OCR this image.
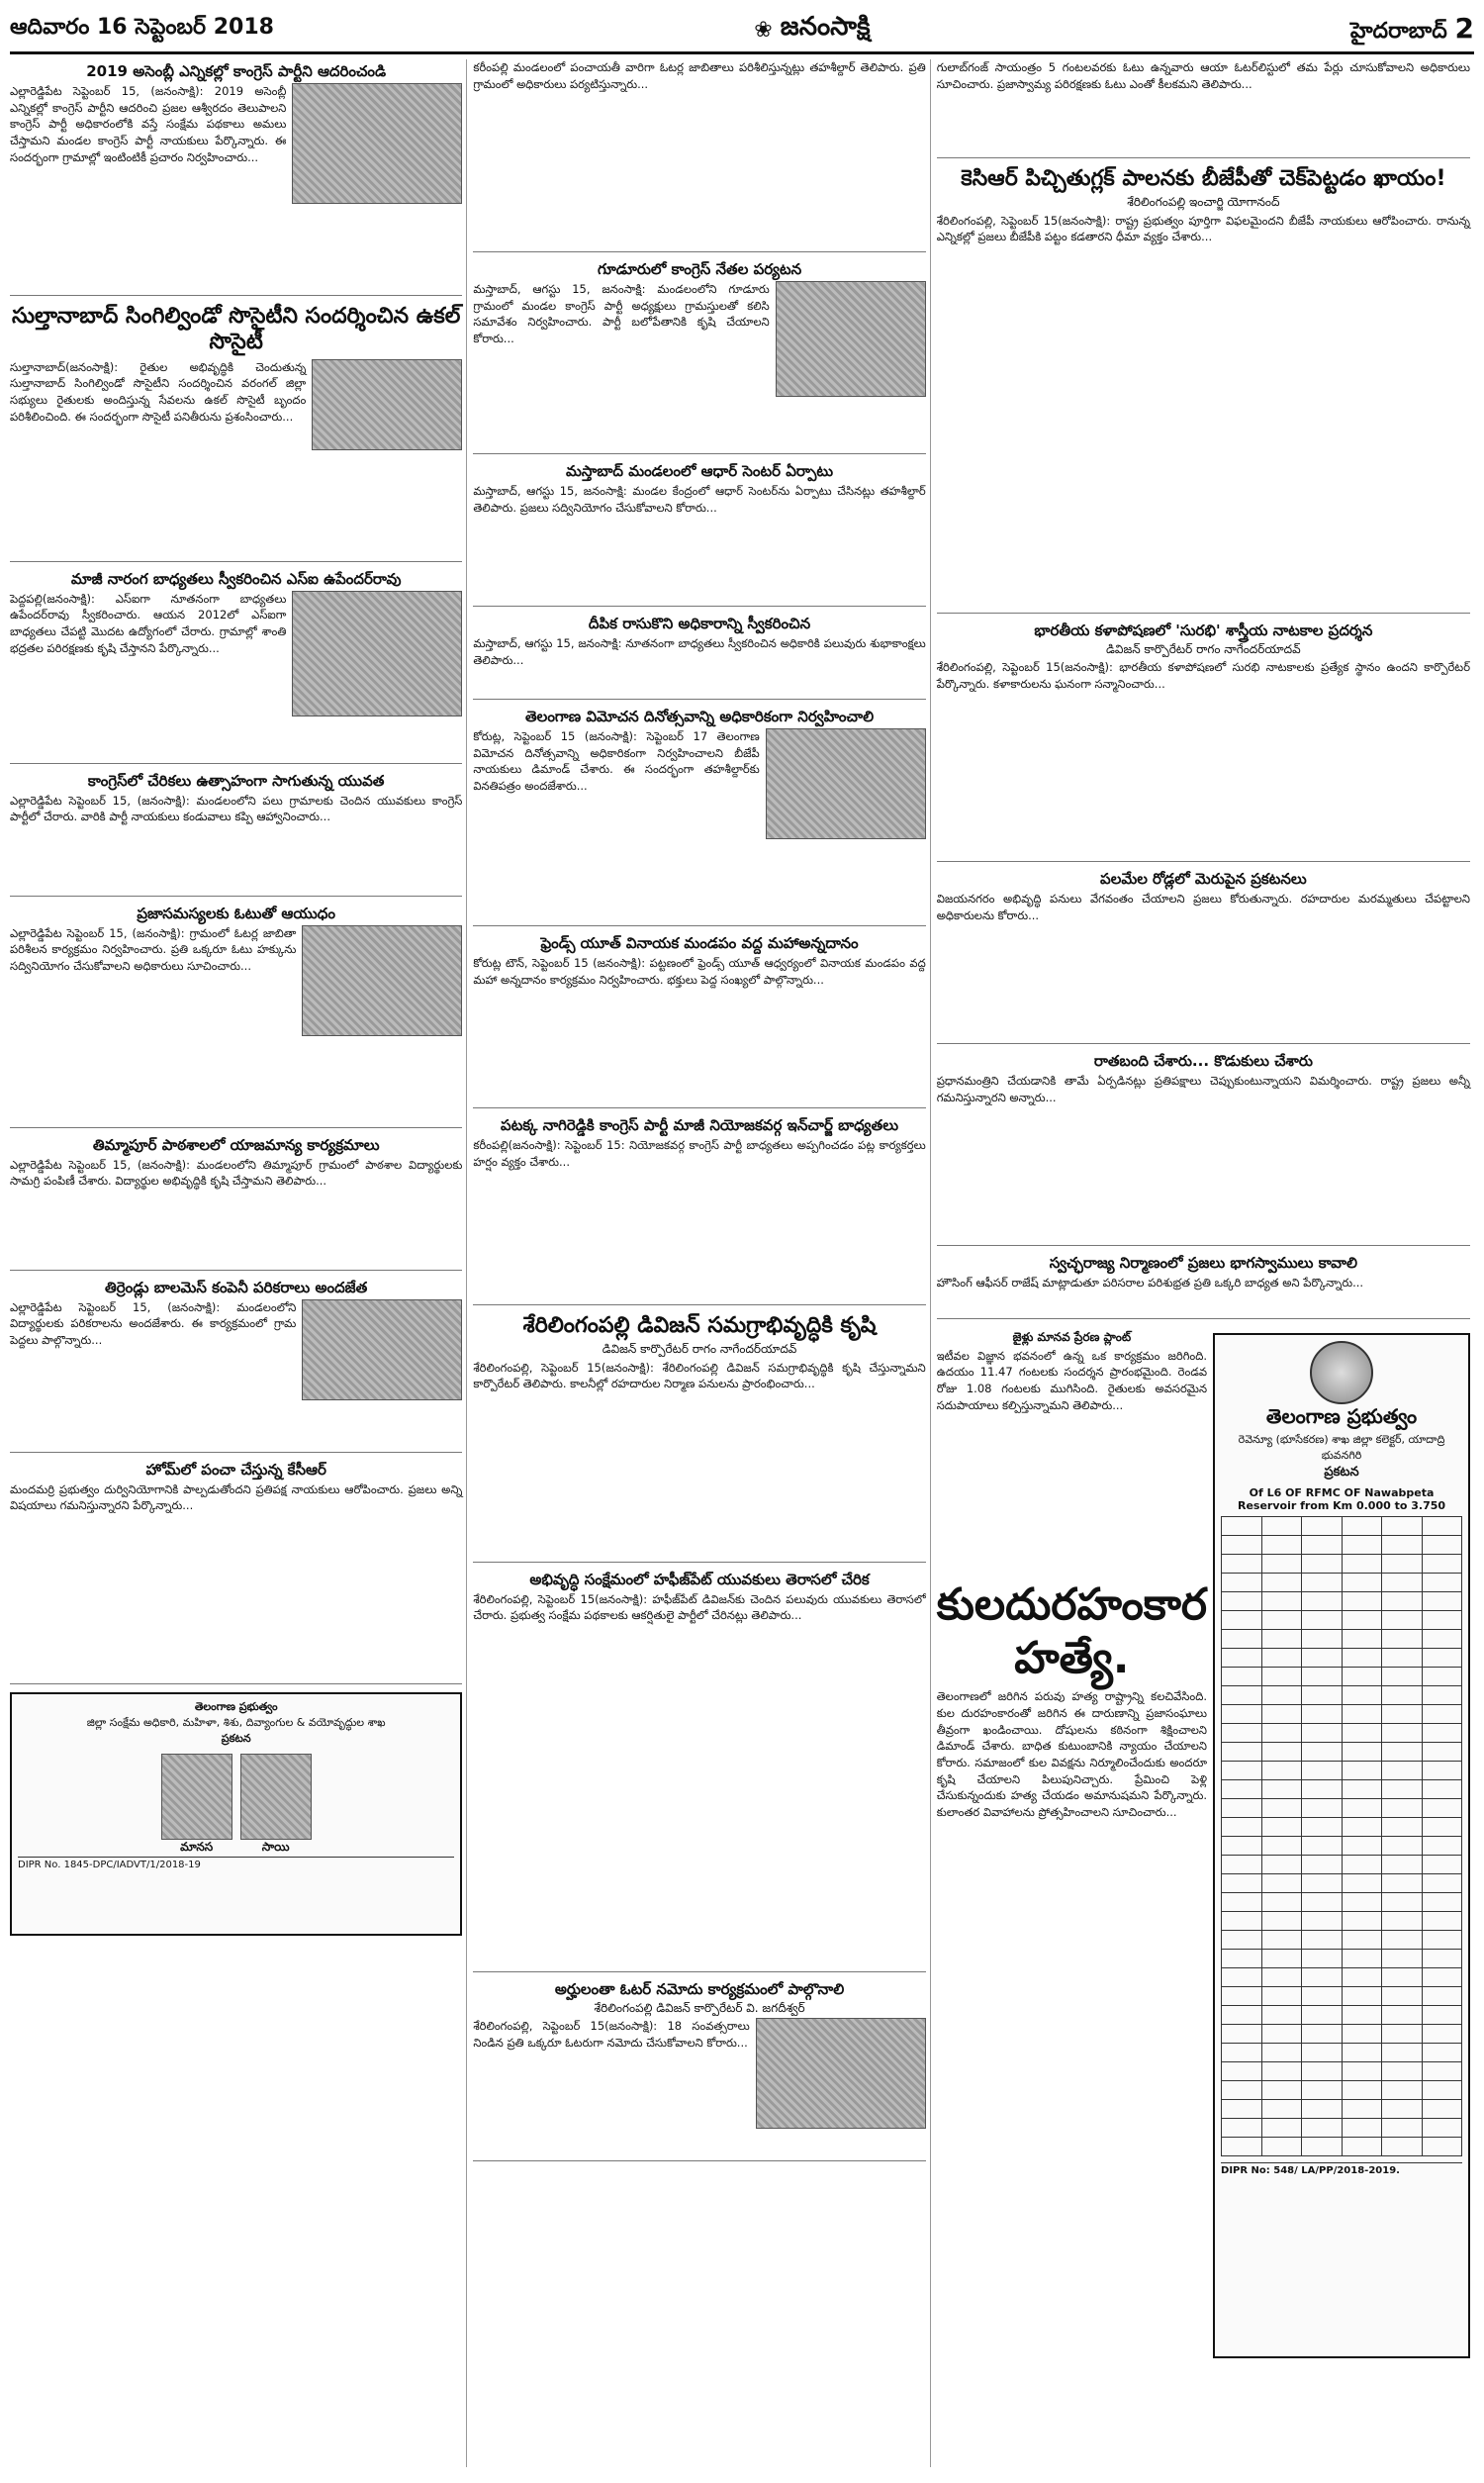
ఆదివారం 16 సెప్టెంబర్ 2018	❀ జనంసాక్షి	హైదరాబాద్ 2
2019 అసెంబ్లీ ఎన్నికల్లో కాంగ్రెస్ పార్టీని ఆదరించండి
ఎల్లారెడ్డిపేట సెప్టెంబర్ 15, (జనంసాక్షి): 2019 అసెంబ్లీ ఎన్నికల్లో కాంగ్రెస్ పార్టీని ఆదరించి ప్రజల ఆశ్వీరదం తెలుపాలని కాంగ్రెస్ పార్టీ అధికారంలోకి వస్తే సంక్షేమ పథకాలు అమలు చేస్తామని మండల కాంగ్రెస్ పార్టీ నాయకులు పేర్కొన్నారు. ఈ సందర్భంగా గ్రామాల్లో ఇంటింటికీ ప్రచారం నిర్వహించారు...
సుల్తానాబాద్ సింగిల్విండో సొసైటీని సందర్శించిన ఉకల్ సొసైటీ
సుల్తానాబాద్(జనంసాక్షి): రైతుల అభివృద్ధికి చెందుతున్న సుల్తానాబాద్ సింగిల్విండో సొసైటీని సందర్శించిన వరంగల్ జిల్లా సభ్యులు రైతులకు అందిస్తున్న సేవలను ఉకల్ సొసైటీ బృందం పరిశీలించింది. ఈ సందర్భంగా సొసైటీ పనితీరును ప్రశంసించారు...
మాజీ నారంగ బాధ్యతలు స్వీకరించిన ఎస్ఐ ఉపేందర్‌రావు
పెద్దపల్లి(జనంసాక్షి): ఎస్ఐగా నూతనంగా బాధ్యతలు ఉపేందర్‌రావు స్వీకరించారు. ఆయన 2012లో ఎస్ఐగా బాధ్యతలు చేపట్టి మొదట ఉద్యోగంలో చేరారు. గ్రామాల్లో శాంతి భద్రతల పరిరక్షణకు కృషి చేస్తానని పేర్కొన్నారు...
కాంగ్రెస్‌లో చేరికలు ఉత్సాహంగా సాగుతున్న యువత
ఎల్లారెడ్డిపేట సెప్టెంబర్ 15, (జనంసాక్షి): మండలంలోని పలు గ్రామాలకు చెందిన యువకులు కాంగ్రెస్ పార్టీలో చేరారు. వారికి పార్టీ నాయకులు కండువాలు కప్పి ఆహ్వానించారు...
ప్రజాసమస్యలకు ఓటుతో ఆయుధం
ఎల్లారెడ్డిపేట సెప్టెంబర్ 15, (జనంసాక్షి): గ్రామంలో ఓటర్ల జాబితా పరిశీలన కార్యక్రమం నిర్వహించారు. ప్రతి ఒక్కరూ ఓటు హక్కును సద్వినియోగం చేసుకోవాలని అధికారులు సూచించారు...
తిమ్మాపూర్ పాఠశాలలో యాజమాన్య కార్యక్రమాలు
ఎల్లారెడ్డిపేట సెప్టెంబర్ 15, (జనంసాక్షి): మండలంలోని తిమ్మాపూర్ గ్రామంలో పాఠశాల విద్యార్థులకు సామగ్రి పంపిణీ చేశారు. విద్యార్థుల అభివృద్ధికి కృషి చేస్తామని తెలిపారు...
తిర్రెండ్లు బాలమెస్ కంపెనీ పరికరాలు అందజేత
ఎల్లారెడ్డిపేట సెప్టెంబర్ 15, (జనంసాక్షి): మండలంలోని విద్యార్థులకు పరికరాలను అందజేశారు. ఈ కార్యక్రమంలో గ్రామ పెద్దలు పాల్గొన్నారు...
హోమ్‌లో పంచా చేస్తున్న కేసీఆర్
మందమర్రి ప్రభుత్వం దుర్వినియోగానికి పాల్పడుతోందని ప్రతిపక్ష నాయకులు ఆరోపించారు. ప్రజలు అన్ని విషయాలు గమనిస్తున్నారని పేర్కొన్నారు...
తెలంగాణ ప్రభుత్వం
జిల్లా సంక్షేమ అధికారి, మహిళా, శిశు, దివ్యాంగుల & వయోవృద్ధుల శాఖ
ప్రకటన
మానస	సాయి
DIPR No. 1845-DPC/IADVT/1/2018-19
కరీంపల్లి మండలంలో పంచాయతీ వారిగా ఓటర్ల జాబితాలు పరిశీలిస్తున్నట్లు తహశీల్దార్ తెలిపారు. ప్రతి గ్రామంలో అధికారులు పర్యటిస్తున్నారు...
గూడూరులో కాంగ్రెస్ నేతల పర్యటన
మస్తాబాద్, ఆగస్టు 15, జనంసాక్షి: మండలంలోని గూడూరు గ్రామంలో మండల కాంగ్రెస్ పార్టీ అధ్యక్షులు గ్రామస్తులతో కలిసి సమావేశం నిర్వహించారు. పార్టీ బలోపేతానికి కృషి చేయాలని కోరారు...
మస్తాబాద్ మండలంలో ఆధార్ సెంటర్ ఏర్పాటు
మస్తాబాద్, ఆగస్టు 15, జనంసాక్షి: మండల కేంద్రంలో ఆధార్ సెంటర్‌ను ఏర్పాటు చేసినట్లు తహశీల్దార్ తెలిపారు. ప్రజలు సద్వినియోగం చేసుకోవాలని కోరారు...
దీపిక రాసుకొని అధికారాన్ని స్వీకరించిన
మస్తాబాద్, ఆగస్టు 15, జనంసాక్షి: నూతనంగా బాధ్యతలు స్వీకరించిన అధికారికి పలువురు శుభాకాంక్షలు తెలిపారు...
తెలంగాణ విమోచన దినోత్సవాన్ని అధికారికంగా నిర్వహించాలి
కోరుట్ల, సెప్టెంబర్ 15 (జనంసాక్షి): సెప్టెంబర్ 17 తెలంగాణ విమోచన దినోత్సవాన్ని అధికారికంగా నిర్వహించాలని బీజేపీ నాయకులు డిమాండ్ చేశారు. ఈ సందర్భంగా తహశీల్దార్‌కు వినతిపత్రం అందజేశారు...
ఫ్రెండ్స్ యూత్ వినాయక మండపం వద్ద మహాఅన్నదానం
కోరుట్ల టౌన్, సెప్టెంబర్ 15 (జనంసాక్షి): పట్టణంలో ఫ్రెండ్స్ యూత్ ఆధ్వర్యంలో వినాయక మండపం వద్ద మహా అన్నదానం కార్యక్రమం నిర్వహించారు. భక్తులు పెద్ద సంఖ్యలో పాల్గొన్నారు...
పటక్క నాగిరెడ్డికి కాంగ్రెస్ పార్టీ మాజీ నియోజకవర్గ ఇన్‌చార్జ్ బాధ్యతలు
కరీంపల్లి(జనంసాక్షి): సెప్టెంబర్ 15: నియోజకవర్గ కాంగ్రెస్ పార్టీ బాధ్యతలు అప్పగించడం పట్ల కార్యకర్తలు హర్షం వ్యక్తం చేశారు...
శేరిలింగంపల్లి డివిజన్ సమగ్రాభివృద్ధికి కృషి
డివిజన్ కార్పొరేటర్ రాగం నాగేందర్‌యాదవ్
శేరిలింగంపల్లి, సెప్టెంబర్ 15(జనంసాక్షి): శేరిలింగంపల్లి డివిజన్ సమగ్రాభివృద్ధికి కృషి చేస్తున్నామని కార్పొరేటర్ తెలిపారు. కాలనీల్లో రహదారుల నిర్మాణ పనులను ప్రారంభించారు...
అభివృద్ధి సంక్షేమంలో హఫీజ్‌పేట్ యువకులు తెరాసలో చేరిక
శేరిలింగంపల్లి, సెప్టెంబర్ 15(జనంసాక్షి): హఫీజ్‌పేట్ డివిజన్‌కు చెందిన పలువురు యువకులు తెరాసలో చేరారు. ప్రభుత్వ సంక్షేమ పథకాలకు ఆకర్షితులై పార్టీలో చేరినట్లు తెలిపారు...
అర్హులంతా ఓటర్ నమోదు కార్యక్రమంలో పాల్గొనాలి
శేరిలింగంపల్లి డివిజన్ కార్పొరేటర్ వి. జగదీశ్వర్
శేరిలింగంపల్లి, సెప్టెంబర్ 15(జనంసాక్షి): 18 సంవత్సరాలు నిండిన ప్రతి ఒక్కరూ ఓటరుగా నమోదు చేసుకోవాలని కోరారు...
గులాబ్‌గంజ్ సాయంత్రం 5 గంటలవరకు ఓటు ఉన్నవారు ఆయా ఓటర్‌లిస్టులో తమ పేర్లు చూసుకోవాలని అధికారులు సూచించారు. ప్రజాస్వామ్య పరిరక్షణకు ఓటు ఎంతో కీలకమని తెలిపారు...
కెసిఆర్ పిచ్చితుగ్లక్ పాలనకు బీజేపీతో చెక్‌పెట్టడం ఖాయం!
శేరిలింగంపల్లి ఇంచార్జి యోగానంద్
శేరిలింగంపల్లి, సెప్టెంబర్ 15(జనంసాక్షి): రాష్ట్ర ప్రభుత్వం పూర్తిగా విఫలమైందని బీజేపీ నాయకులు ఆరోపించారు. రానున్న ఎన్నికల్లో ప్రజలు బీజేపీకి పట్టం కడతారని ధీమా వ్యక్తం చేశారు...
భారతీయ కళాపోషణలో 'సురభి' శాస్త్రీయ నాటకాల ప్రదర్శన
డివిజన్ కార్పొరేటర్ రాగం నాగేందర్‌యాదవ్
శేరిలింగంపల్లి, సెప్టెంబర్ 15(జనంసాక్షి): భారతీయ కళాపోషణలో సురభి నాటకాలకు ప్రత్యేక స్థానం ఉందని కార్పొరేటర్ పేర్కొన్నారు. కళాకారులను ఘనంగా సన్మానించారు...
పలమేల రోడ్లలో మెరుపైన ప్రకటనలు
విజయనగరం అభివృద్ధి పనులు వేగవంతం చేయాలని ప్రజలు కోరుతున్నారు. రహదారుల మరమ్మతులు చేపట్టాలని అధికారులను కోరారు...
రాతబంది చేశారు... కొడుకులు చేశారు
ప్రధానమంత్రిని చేయడానికి తామే ఏర్పడినట్లు ప్రతిపక్షాలు చెప్పుకుంటున్నాయని విమర్శించారు. రాష్ట్ర ప్రజలు అన్నీ గమనిస్తున్నారని అన్నారు...
స్వచ్ఛరాజ్య నిర్మాణంలో ప్రజలు భాగస్వాములు కావాలి
హౌసింగ్ ఆఫీసర్ రాజేష్ మాట్లాడుతూ పరిసరాల పరిశుభ్రత ప్రతి ఒక్కరి బాధ్యత అని పేర్కొన్నారు...
జైళ్లు మానవ ప్రేరణ ప్లాంట్
ఇటీవల విజ్ఞాన భవనంలో ఉన్న ఒక కార్యక్రమం జరిగింది. ఉదయం 11.47 గంటలకు సందర్శన ప్రారంభమైంది. రెండవ రోజు 1.08 గంటలకు ముగిసింది. రైతులకు అవసరమైన సదుపాయాలు కల్పిస్తున్నామని తెలిపారు...
కులదురహంకార
హత్యే.
తెలంగాణలో జరిగిన పరువు హత్య రాష్ట్రాన్ని కలచివేసింది. కుల దురహంకారంతో జరిగిన ఈ దారుణాన్ని ప్రజాసంఘాలు తీవ్రంగా ఖండించాయి. దోషులను కఠినంగా శిక్షించాలని డిమాండ్ చేశారు. బాధిత కుటుంబానికి న్యాయం చేయాలని కోరారు. సమాజంలో కుల వివక్షను నిర్మూలించేందుకు అందరూ కృషి చేయాలని పిలుపునిచ్చారు. ప్రేమించి పెళ్లి చేసుకున్నందుకు హత్య చేయడం అమానుషమని పేర్కొన్నారు. కులాంతర వివాహాలను ప్రోత్సహించాలని సూచించారు...
తెలంగాణ ప్రభుత్వం
రెవెన్యూ (భూసేకరణ) శాఖ జిల్లా కలెక్టర్, యాదాద్రి భువనగిరి
ప్రకటన
Of L6 OF RFMC OF Nawabpeta Reservoir from Km 0.000 to 3.750

DIPR No: 548/ LA/PP/2018-2019.
